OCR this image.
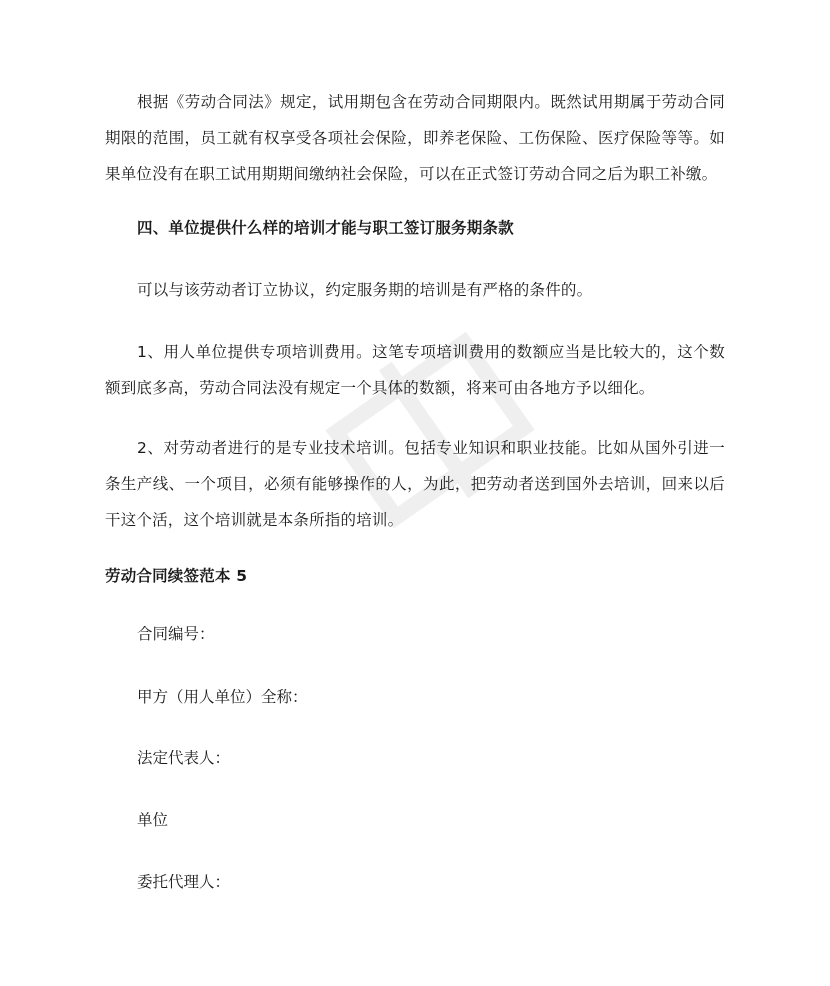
根据《劳动合同法》规定，试用期包含在劳动合同期限内。既然试用期属于劳动合同期限的范围，员工就有权享受各项社会保险，即养老保险、工伤保险、医疗保险等等。如果单位没有在职工试用期期间缴纳社会保险，可以在正式签订劳动合同之后为职工补缴。

四、单位提供什么样的培训才能与职工签订服务期条款

可以与该劳动者订立协议，约定服务期的培训是有严格的条件的。

1、用人单位提供专项培训费用。这笔专项培训费用的数额应当是比较大的，这个数额到底多高，劳动合同法没有规定一个具体的数额，将来可由各地方予以细化。

2、对劳动者进行的是专业技术培训。包括专业知识和职业技能。比如从国外引进一条生产线、一个项目，必须有能够操作的人，为此，把劳动者送到国外去培训，回来以后干这个活，这个培训就是本条所指的培训。

劳动合同续签范本 5

合同编号：

甲方（用人单位）全称：

法定代表人：

单位

委托代理人：
